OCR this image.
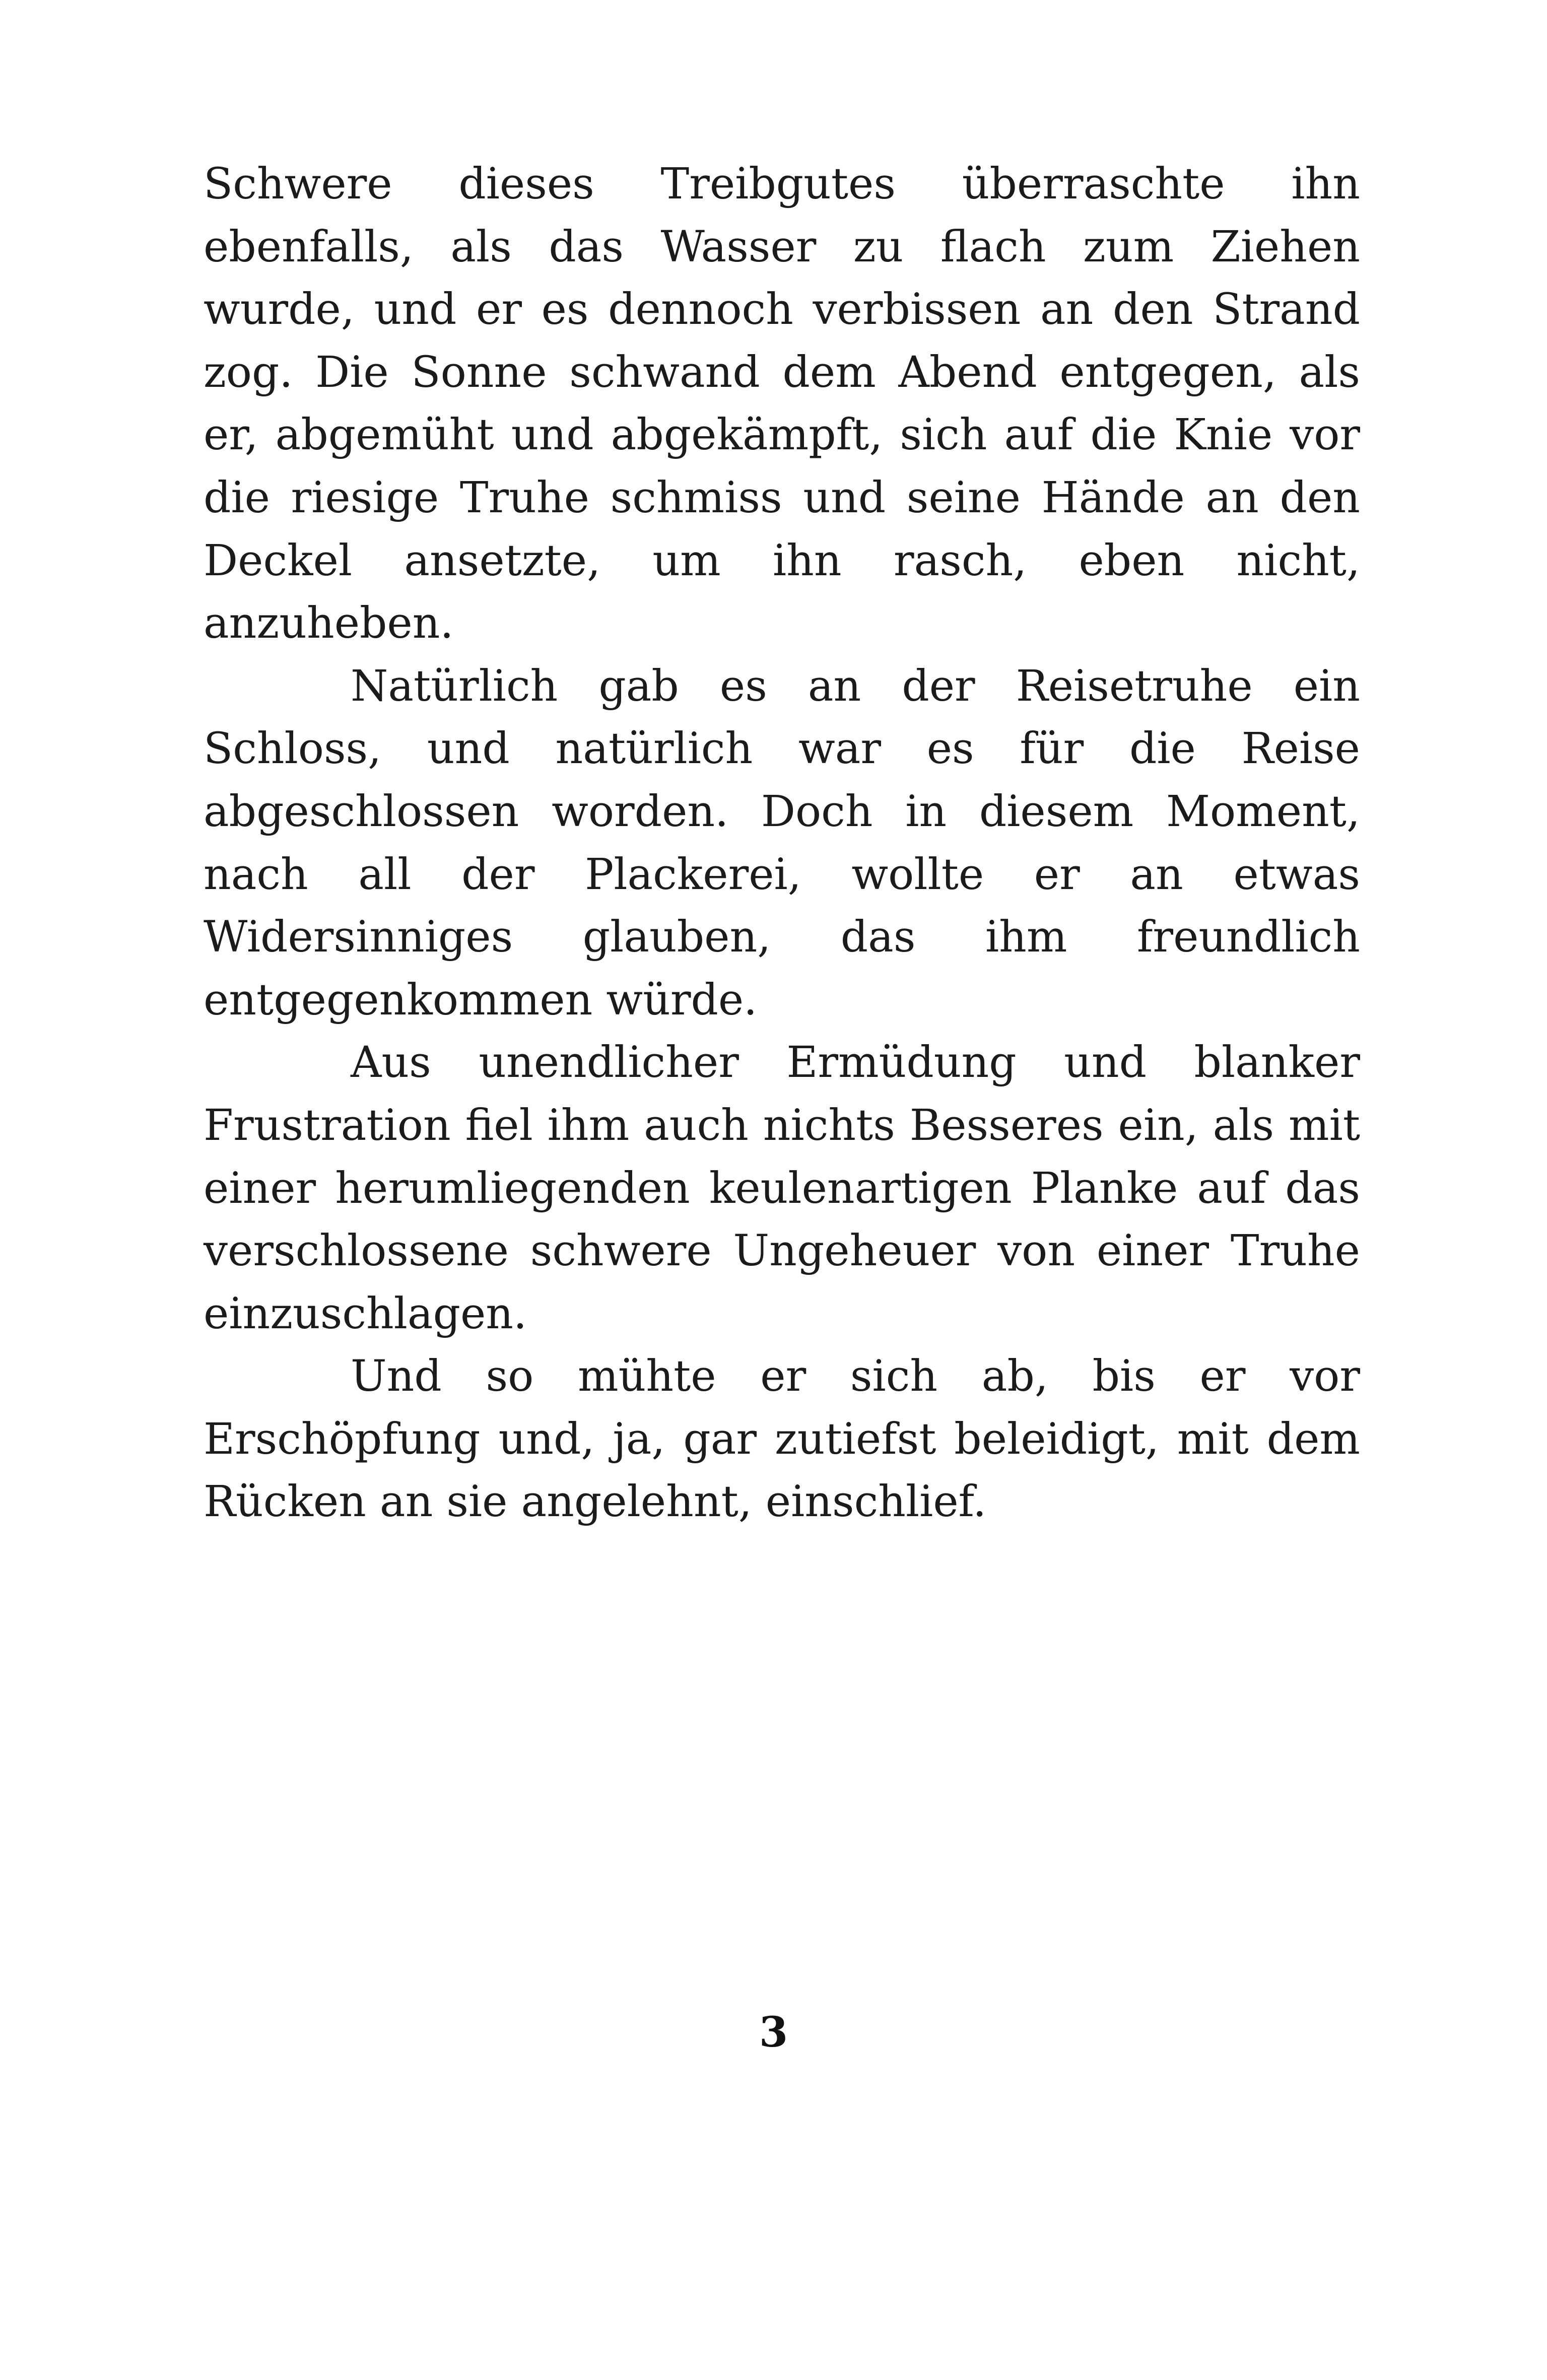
Schwere dieses Treibgutes überraschte ihn ebenfalls, als das Wasser zu flach zum Ziehen wurde, und er es dennoch verbissen an den Strand zog. Die Sonne schwand dem Abend entgegen, als er, abgemüht und abgekämpft, sich auf die Knie vor die riesige Truhe schmiss und seine Hände an den Deckel ansetzte, um ihn rasch, eben nicht, anzuheben.

Natürlich gab es an der Reisetruhe ein Schloss, und natürlich war es für die Reise abgeschlossen worden. Doch in diesem Moment, nach all der Plackerei, wollte er an etwas Widersinniges glauben, das ihm freundlich entgegenkommen würde.

Aus unendlicher Ermüdung und blanker Frustration fiel ihm auch nichts Besseres ein, als mit einer herumliegenden keulenartigen Planke auf das verschlossene schwere Ungeheuer von einer Truhe einzuschlagen.

Und so mühte er sich ab, bis er vor Erschöpfung und, ja, gar zutiefst beleidigt, mit dem Rücken an sie angelehnt, einschlief.

3
